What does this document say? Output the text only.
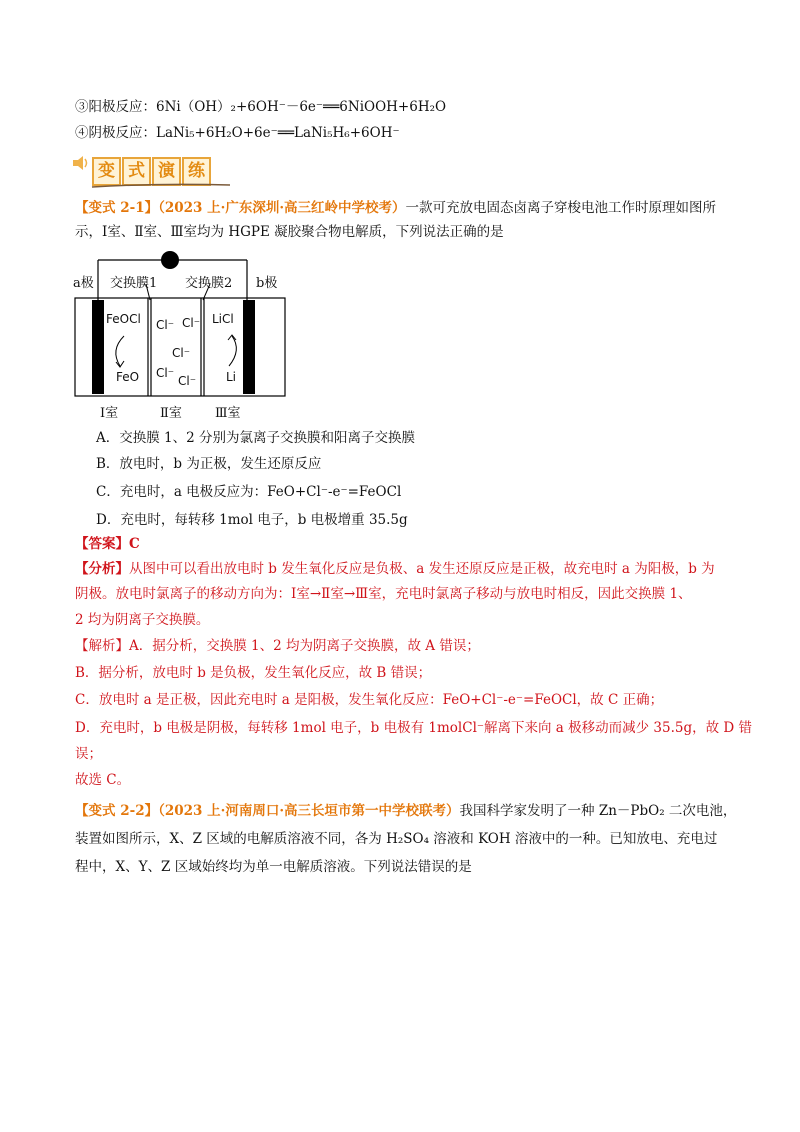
③阳极反应：6Ni（OH）₂+6OH⁻－6e⁻══6NiOOH+6H₂O
④阴极反应：LaNi₅+6H₂O+6e⁻══LaNi₅H₆+6OH⁻
变 式 演 练
【变式 2-1】（2023 上·广东深圳·高三红岭中学校考）一款可充放电固态卤离子穿梭电池工作时原理如图所
示，Ⅰ室、Ⅱ室、Ⅲ室均为 HGPE 凝胶聚合物电解质，下列说法正确的是
a极	b极
交换膜1 交换膜2
FeOCl
FeO
LiCl
Li
Cl⁻ Cl⁻
Cl⁻
Cl⁻
Cl⁻
Ⅰ室	Ⅱ室	Ⅲ室
A．交换膜 1、2 分别为氯离子交换膜和阳离子交换膜
B．放电时，b 为正极，发生还原反应
C．充电时，a 电极反应为：FeO+Cl⁻-e⁻=FeOCl
D．充电时，每转移 1mol 电子，b 电极增重 35.5g
【答案】C
【分析】从图中可以看出放电时 b 发生氧化反应是负极、a 发生还原反应是正极，故充电时 a 为阳极，b 为
阴极。放电时氯离子的移动方向为：Ⅰ室→Ⅱ室→Ⅲ室，充电时氯离子移动与放电时相反，因此交换膜 1、
2 均为阴离子交换膜。
【解析】A．据分析，交换膜 1、2 均为阴离子交换膜，故 A 错误；
B．据分析，放电时 b 是负极，发生氧化反应，故 B 错误；
C．放电时 a 是正极，因此充电时 a 是阳极，发生氧化反应：FeO+Cl⁻-e⁻=FeOCl，故 C 正确；
D．充电时，b 电极是阴极，每转移 1mol 电子，b 电极有 1molCl⁻解离下来向 a 极移动而减少 35.5g，故 D 错
误；
故选 C。
【变式 2-2】（2023 上·河南周口·高三长垣市第一中学校联考）我国科学家发明了一种 Zn－PbO₂ 二次电池，
装置如图所示，X、Z 区域的电解质溶液不同，各为 H₂SO₄ 溶液和 KOH 溶液中的一种。已知放电、充电过
程中，X、Y、Z 区域始终均为单一电解质溶液。下列说法错误的是
